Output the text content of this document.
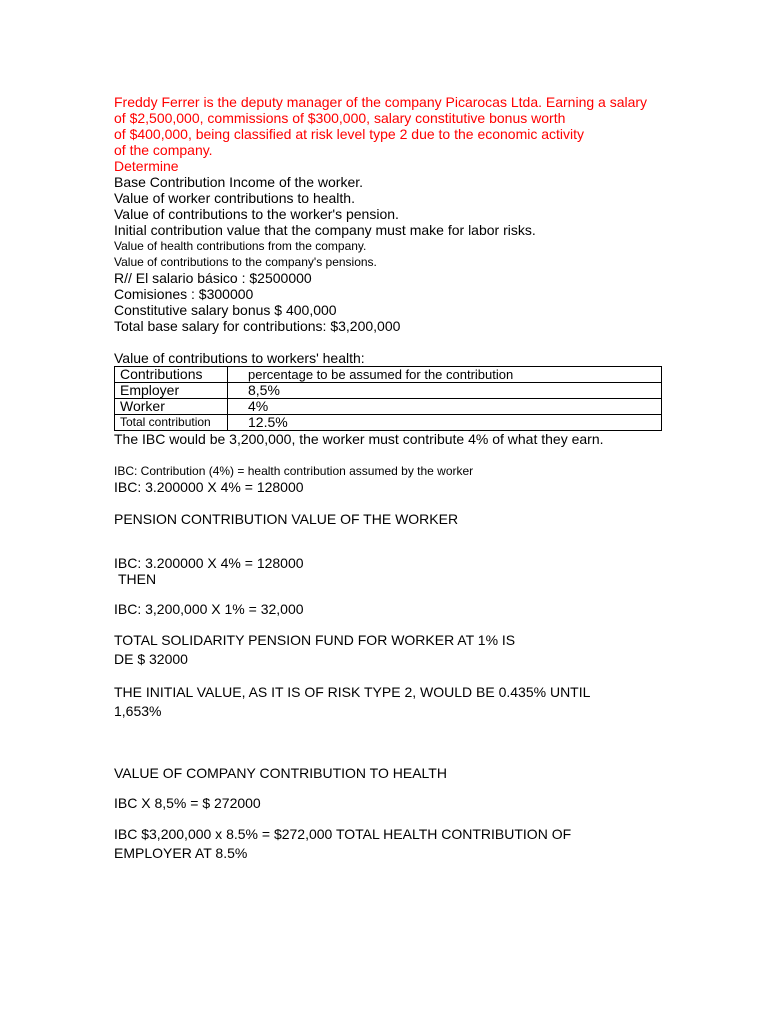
Freddy Ferrer is the deputy manager of the company Picarocas Ltda. Earning a salary
of $2,500,000, commissions of $300,000, salary constitutive bonus worth
of $400,000, being classified at risk level type 2 due to the economic activity
of the company.
Determine
Base Contribution Income of the worker.
Value of worker contributions to health.
Value of contributions to the worker's pension.
Initial contribution value that the company must make for labor risks.
Value of health contributions from the company.
Value of contributions to the company's pensions.
R// El salario básico : $2500000
Comisiones : $300000
Constitutive salary bonus $ 400,000
Total base salary for contributions: $3,200,000
Value of contributions to workers' health:
Contributions	percentage to be assumed for the contribution
Employer	8,5%
Worker	4%
Total contribution	12.5%
The IBC would be 3,200,000, the worker must contribute 4% of what they earn.
IBC: Contribution (4%) = health contribution assumed by the worker
IBC: 3.200000 X 4% = 128000
PENSION CONTRIBUTION VALUE OF THE WORKER
IBC: 3.200000 X 4% = 128000
THEN
IBC: 3,200,000 X 1% = 32,000
TOTAL SOLIDARITY PENSION FUND FOR WORKER AT 1% IS
DE $ 32000
THE INITIAL VALUE, AS IT IS OF RISK TYPE 2, WOULD BE 0.435% UNTIL
1,653%
VALUE OF COMPANY CONTRIBUTION TO HEALTH
IBC X 8,5% = $ 272000
IBC $3,200,000 x 8.5% = $272,000 TOTAL HEALTH CONTRIBUTION OF
EMPLOYER AT 8.5%
